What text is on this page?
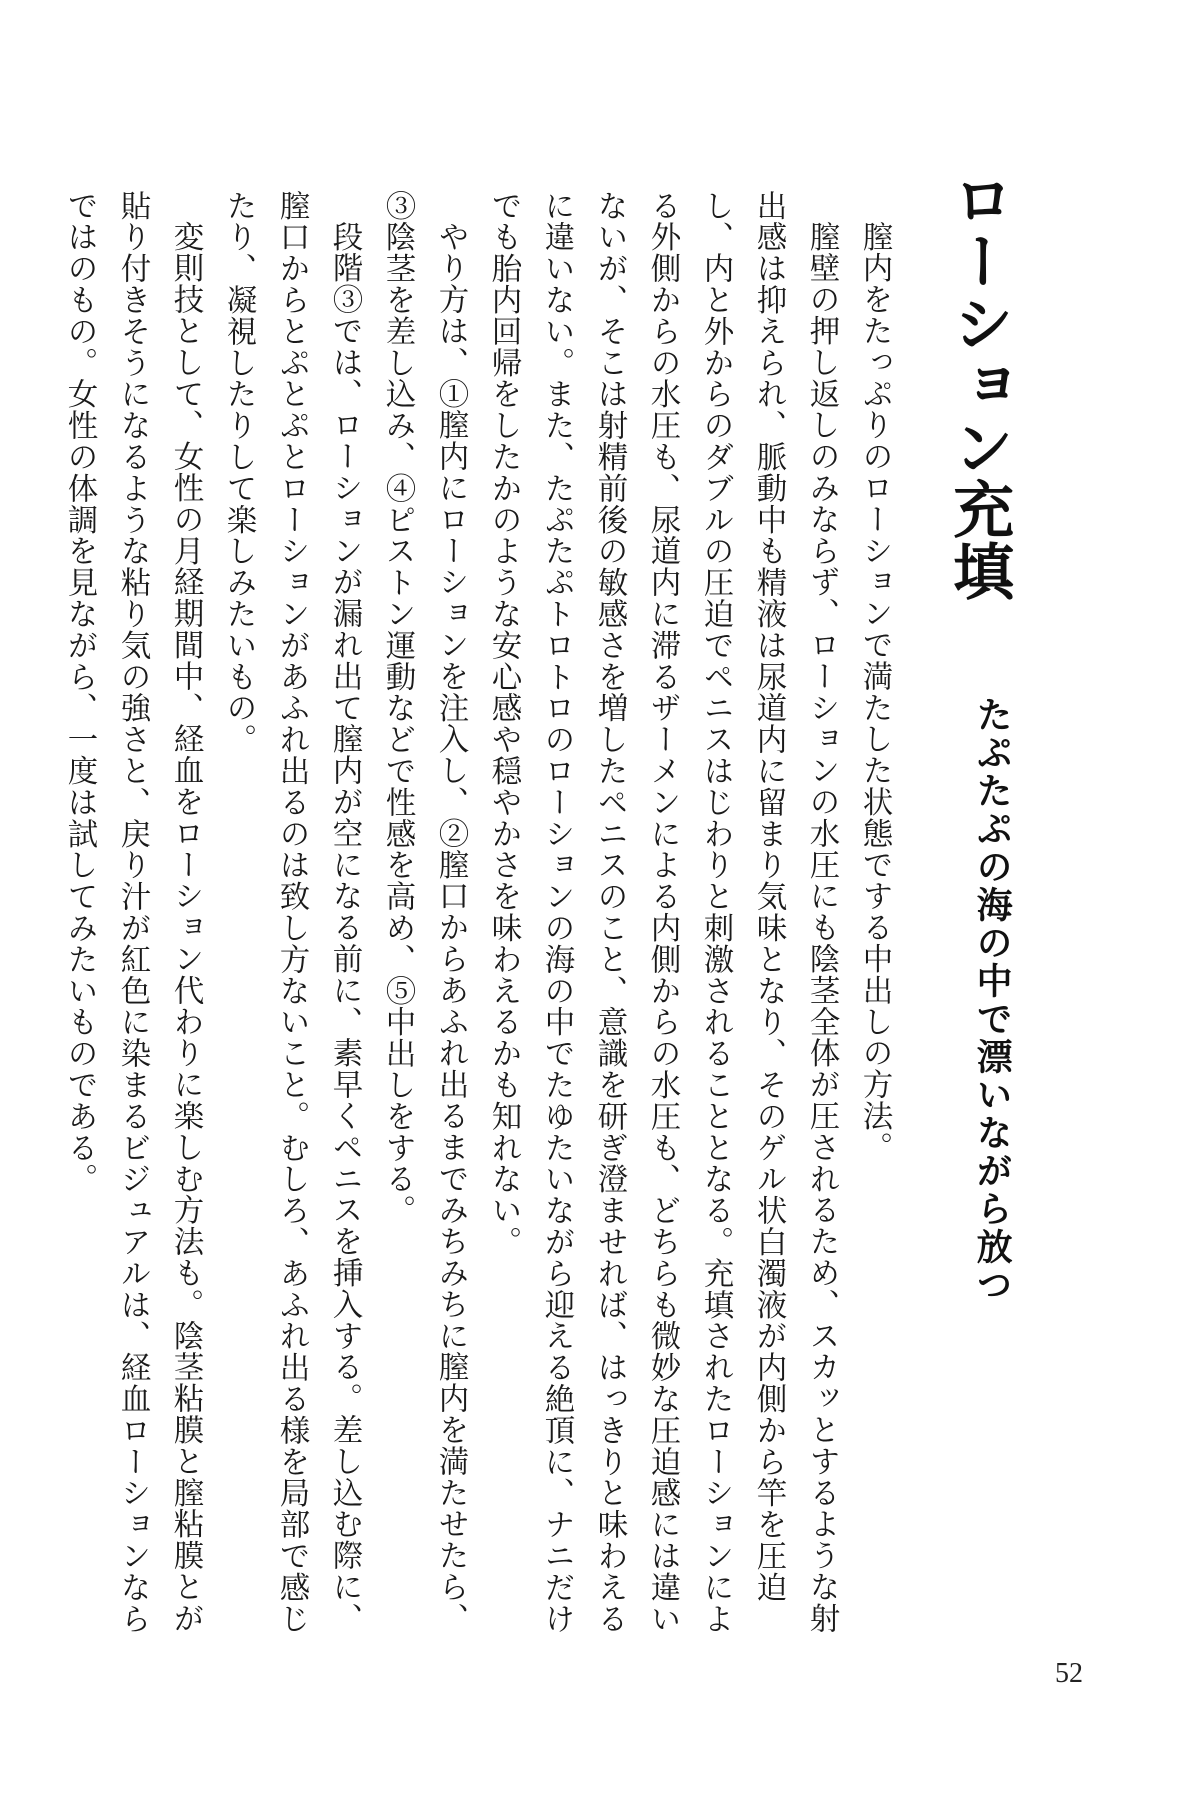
ローション充填
たぷたぷの海の中で漂いながら放つ

膣内をたっぷりのローションで満たした状態でする中出しの方法。

膣壁の押し返しのみならず、ローションの水圧にも陰茎全体が圧されるため、スカッとするような射出感は抑えられ、脈動中も精液は尿道内に留まり気味となり、そのゲル状白濁液が内側から竿を圧迫し、内と外からのダブルの圧迫でペニスはじわりと刺激されることとなる。充填されたローションによる外側からの水圧も、尿道内に滞るザーメンによる内側からの水圧も、どちらも微妙な圧迫感には違いないが、そこは射精前後の敏感さを増したペニスのこと、意識を研ぎ澄ませれば、はっきりと味わえるに違いない。また、たぷたぷトロトロのローションの海の中でたゆたいながら迎える絶頂に、ナニだけでも胎内回帰をしたかのような安心感や穏やかさを味わえるかも知れない。

やり方は、①膣内にローションを注入し、②膣口からあふれ出るまでみちみちに膣内を満たせたら、③陰茎を差し込み、④ピストン運動などで性感を高め、⑤中出しをする。

段階③では、ローションが漏れ出て膣内が空になる前に、素早くペニスを挿入する。差し込む際に、膣口からとぷとぷとローションがあふれ出るのは致し方ないこと。むしろ、あふれ出る様を局部で感じたり、凝視したりして楽しみたいもの。

変則技として、女性の月経期間中、経血をローション代わりに楽しむ方法も。陰茎粘膜と膣粘膜とが貼り付きそうになるような粘り気の強さと、戻り汁が紅色に染まるビジュアルは、経血ローションならではのもの。女性の体調を見ながら、一度は試してみたいものである。

52
